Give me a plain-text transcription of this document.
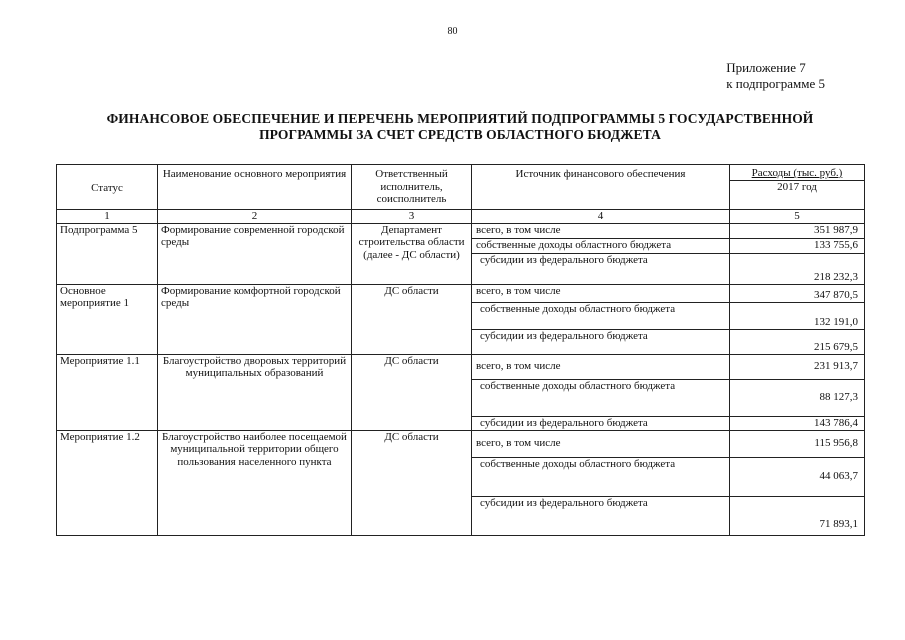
80
Приложение 7
к подпрограмме 5
ФИНАНСОВОЕ ОБЕСПЕЧЕНИЕ И ПЕРЕЧЕНЬ МЕРОПРИЯТИЙ ПОДПРОГРАММЫ 5 ГОСУДАРСТВЕННОЙ
ПРОГРАММЫ ЗА СЧЕТ СРЕДСТВ ОБЛАСТНОГО БЮДЖЕТА
Статус	Наименование основного мероприятия	Ответственный исполнитель, соисполнитель	Источник финансового обеспечения	Расходы (тыс. руб.)
				2017 год
1	2	3	4	5
Подпрограмма 5	Формирование современной городской среды	Департамент строительства области (далее - ДС области)	всего, в том числе	351 987,9
			собственные доходы областного бюджета	133 755,6
			субсидии из федерального бюджета	218 232,3
Основное мероприятие 1	Формирование комфортной городской среды	ДС области	всего, в том числе	347 870,5
			собственные доходы областного бюджета	132 191,0
			субсидии из федерального бюджета	215 679,5
Мероприятие 1.1	Благоустройство дворовых территорий муниципальных образований	ДС области	всего, в том числе	231 913,7
			собственные доходы областного бюджета	88 127,3
			субсидии из федерального бюджета	143 786,4
Мероприятие 1.2	Благоустройство наиболее посещаемой муниципальной территории общего пользования населенного пункта	ДС области	всего, в том числе	115 956,8
			собственные доходы областного бюджета	44 063,7
			субсидии из федерального бюджета	71 893,1
